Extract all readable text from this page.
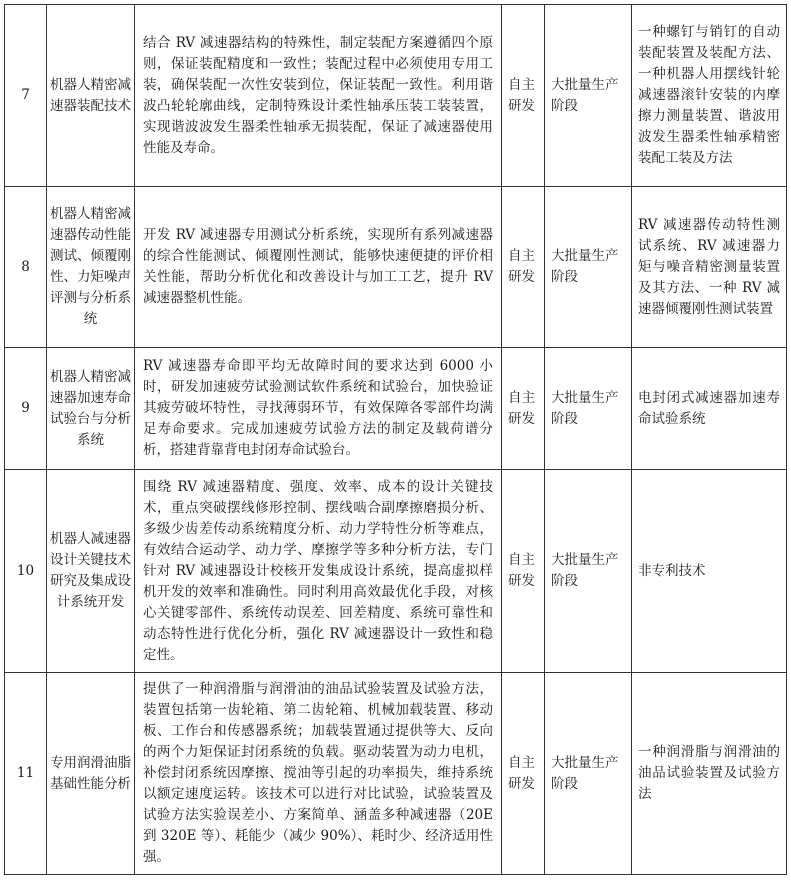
7	机器人精密减速器装配技术	结合 RV 减速器结构的特殊性，制定装配方案遵循四个原则，保证装配精度和一致性；装配过程中必须使用专用工装，确保装配一次性安装到位，保证装配一致性。利用谐波凸轮轮廓曲线，定制特殊设计柔性轴承压装工装装置，实现谐波波发生器柔性轴承无损装配，保证了减速器使用性能及寿命。	自主研发	大批量生产阶段	一种螺钉与销钉的自动装配装置及装配方法、一种机器人用摆线针轮减速器滚针安装的内摩擦力测量装置、谐波用波发生器柔性轴承精密装配工装及方法
8	机器人精密减速器传动性能测试、倾覆刚性、力矩噪声评测与分析系统	开发 RV 减速器专用测试分析系统，实现所有系列减速器的综合性能测试、倾覆刚性测试，能够快速便捷的评价相关性能，帮助分析优化和改善设计与加工工艺，提升 RV 减速器整机性能。	自主研发	大批量生产阶段	RV 减速器传动特性测试系统、RV 减速器力矩与噪音精密测量装置及其方法、一种 RV 减速器倾覆刚性测试装置
9	机器人精密减速器加速寿命试验台与分析系统	RV 减速器寿命即平均无故障时间的要求达到 6000 小时，研发加速疲劳试验测试软件系统和试验台，加快验证其疲劳破坏特性，寻找薄弱环节，有效保障各零部件均满足寿命要求。完成加速疲劳试验方法的制定及载荷谱分析，搭建背靠背电封闭寿命试验台。	自主研发	大批量生产阶段	电封闭式减速器加速寿命试验系统
10	机器人减速器设计关键技术研究及集成设计系统开发	围绕 RV 减速器精度、强度、效率、成本的设计关键技术，重点突破摆线修形控制、摆线啮合副摩擦磨损分析、多级少齿差传动系统精度分析、动力学特性分析等难点，有效结合运动学、动力学、摩擦学等多种分析方法，专门针对 RV 减速器设计校核开发集成设计系统，提高虚拟样机开发的效率和准确性。同时利用高效最优化手段，对核心关键零部件、系统传动误差、回差精度、系统可靠性和动态特性进行优化分析，强化 RV 减速器设计一致性和稳定性。	自主研发	大批量生产阶段	非专利技术
11	专用润滑油脂基础性能分析	提供了一种润滑脂与润滑油的油品试验装置及试验方法，装置包括第一齿轮箱、第二齿轮箱、机械加载装置、移动板、工作台和传感器系统；加载装置通过提供等大、反向的两个力矩保证封闭系统的负载。驱动装置为动力电机，补偿封闭系统因摩擦、搅油等引起的功率损失，维持系统以额定速度运转。该技术可以进行对比试验，试验装置及试验方法实验误差小、方案简单、涵盖多种减速器（20E 到 320E 等）、耗能少（减少 90%）、耗时少、经济适用性强。	自主研发	大批量生产阶段	一种润滑脂与润滑油的油品试验装置及试验方法
